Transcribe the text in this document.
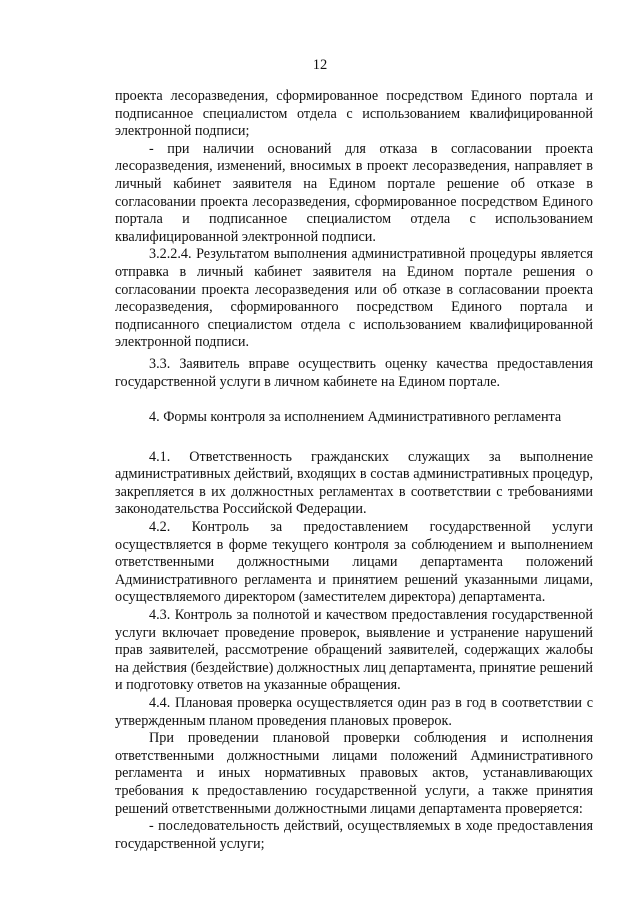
12

проекта лесоразведения, сформированное посредством Единого портала и подписанное специалистом отдела с использованием квалифицированной электронной подписи;

- при наличии оснований для отказа в согласовании проекта лесоразведения, изменений, вносимых в проект лесоразведения, направляет в личный кабинет заявителя на Едином портале решение об отказе в согласовании проекта лесоразведения, сформированное посредством Единого портала и подписанное специалистом отдела с использованием квалифицированной электронной подписи.

3.2.2.4. Результатом выполнения административной процедуры является отправка в личный кабинет заявителя на Едином портале решения о согласовании проекта лесоразведения или об отказе в согласовании проекта лесоразведения, сформированного посредством Единого портала и подписанного специалистом отдела с использованием квалифицированной электронной подписи.

3.3. Заявитель вправе осуществить оценку качества предоставления государственной услуги в личном кабинете на Едином портале.

4. Формы контроля за исполнением Административного регламента

4.1. Ответственность гражданских служащих за выполнение административных действий, входящих в состав административных процедур, закрепляется в их должностных регламентах в соответствии с требованиями законодательства Российской Федерации.

4.2. Контроль за предоставлением государственной услуги осуществляется в форме текущего контроля за соблюдением и выполнением ответственными должностными лицами департамента положений Административного регламента и принятием решений указанными лицами, осуществляемого директором (заместителем директора) департамента.

4.3. Контроль за полнотой и качеством предоставления государственной услуги включает проведение проверок, выявление и устранение нарушений прав заявителей, рассмотрение обращений заявителей, содержащих жалобы на действия (бездействие) должностных лиц департамента, принятие решений и подготовку ответов на указанные обращения.

4.4. Плановая проверка осуществляется один раз в год в соответствии с утвержденным планом проведения плановых проверок.

При проведении плановой проверки соблюдения и исполнения ответственными должностными лицами положений Административного регламента и иных нормативных правовых актов, устанавливающих требования к предоставлению государственной услуги, а также принятия решений ответственными должностными лицами департамента проверяется:

- последовательность действий, осуществляемых в ходе предоставления государственной услуги;
